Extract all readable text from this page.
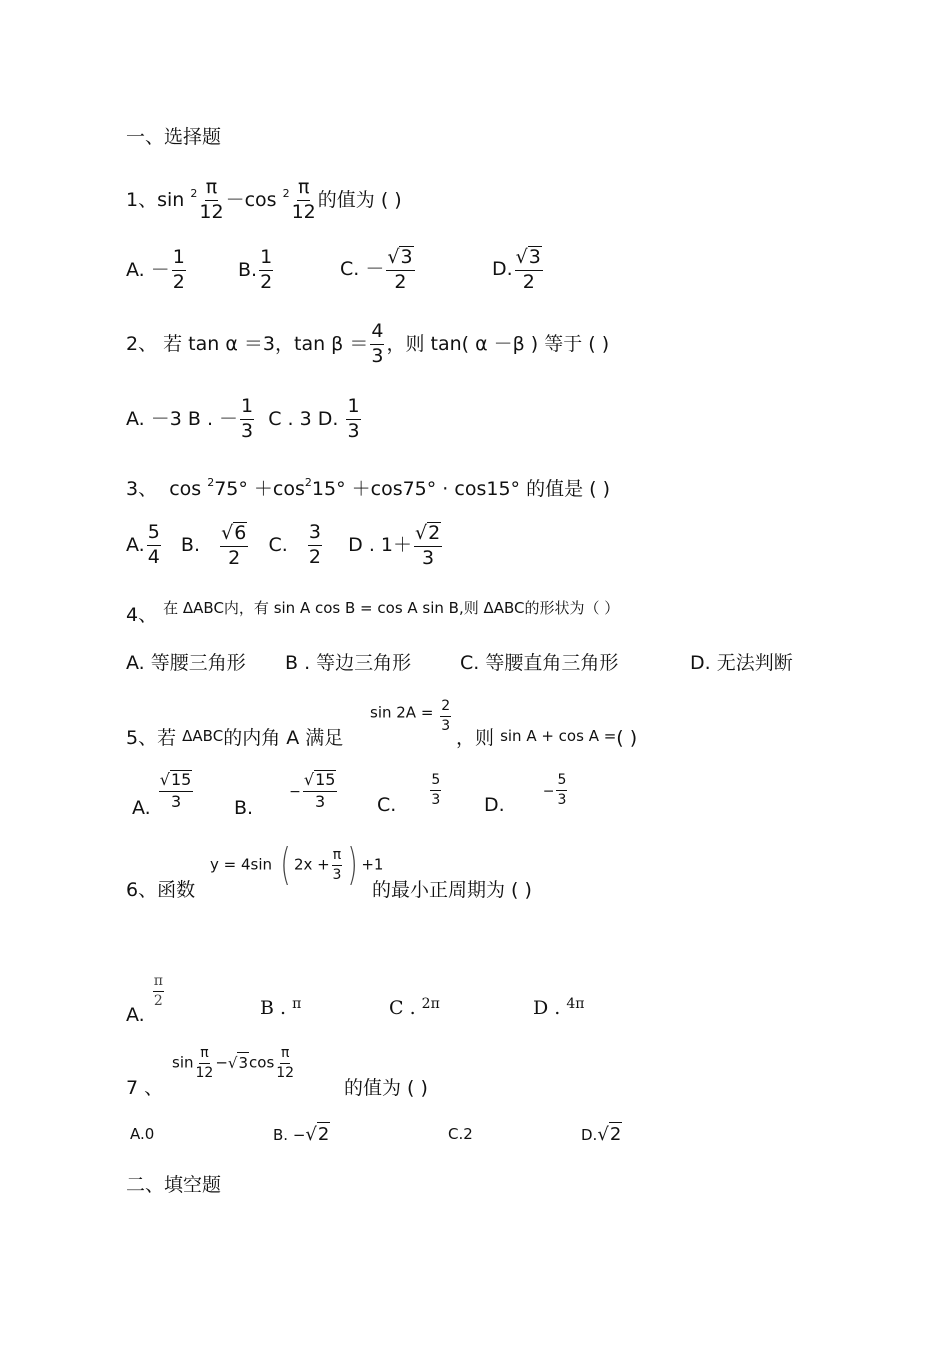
一、选择题
1、$\sin ^2 \frac{\pi}{12} -\cos$ $^2 \frac{\pi}{12}$ 的值为 ( )
A. － $\frac{1}{2}$	B. $\frac{1}{2}$	C. － $\frac{√3}{2}$	D. $\frac{√3}{2}$
2、 若 tan α ＝3，$\tan \beta = \frac{4}{3}$ ，则 tan( α －β ) 等于 ( )
A. －3 B . － $\frac{1}{3}$ C . 3 D. $\frac{1}{3}$
3、 $\cos ^275^\circ +\cos^215^\circ +\cos 75^\circ \cdot \cos 15^\circ$ 的值是 ( )
A. $\frac{5}{4} B$. $\frac{√6}{2} C$. $\frac{3}{2}$ D . $1+ \frac{√2}{3}$
4、 $^{在 \Delta ABC内,有 sin A cos B = cos A sin B,则 \Delta ABC的形状为( )}$
A. 等腰三角形 B . 等边三角形	C. 等腰直角三角形	D. 无法判断
5、若 ΔABC的内角 A 满足
$\sin 2A = \frac{2}{3}$
，则 sin A + cos A =( )
A. $\frac{√15}{3} B$. − $\frac{√15}{3} C$. $\frac{5}{3} D$. − $\frac{5}{3}$
6、函数
y = 4sin ( $2x + \frac{\pi}{3}$ ) +1
的最小正周期为 ( )
A.
$\frac{\pi}{2}$	B . $^\pi$	C . $^{2\pi}$	D . $^{4\pi}$
7 、
$\sin \frac{\pi}{12} -√3\cos \frac{\pi}{12}$
的值为 ( )
A.0	B. −√2	C.2	D.√2
二、填空题
